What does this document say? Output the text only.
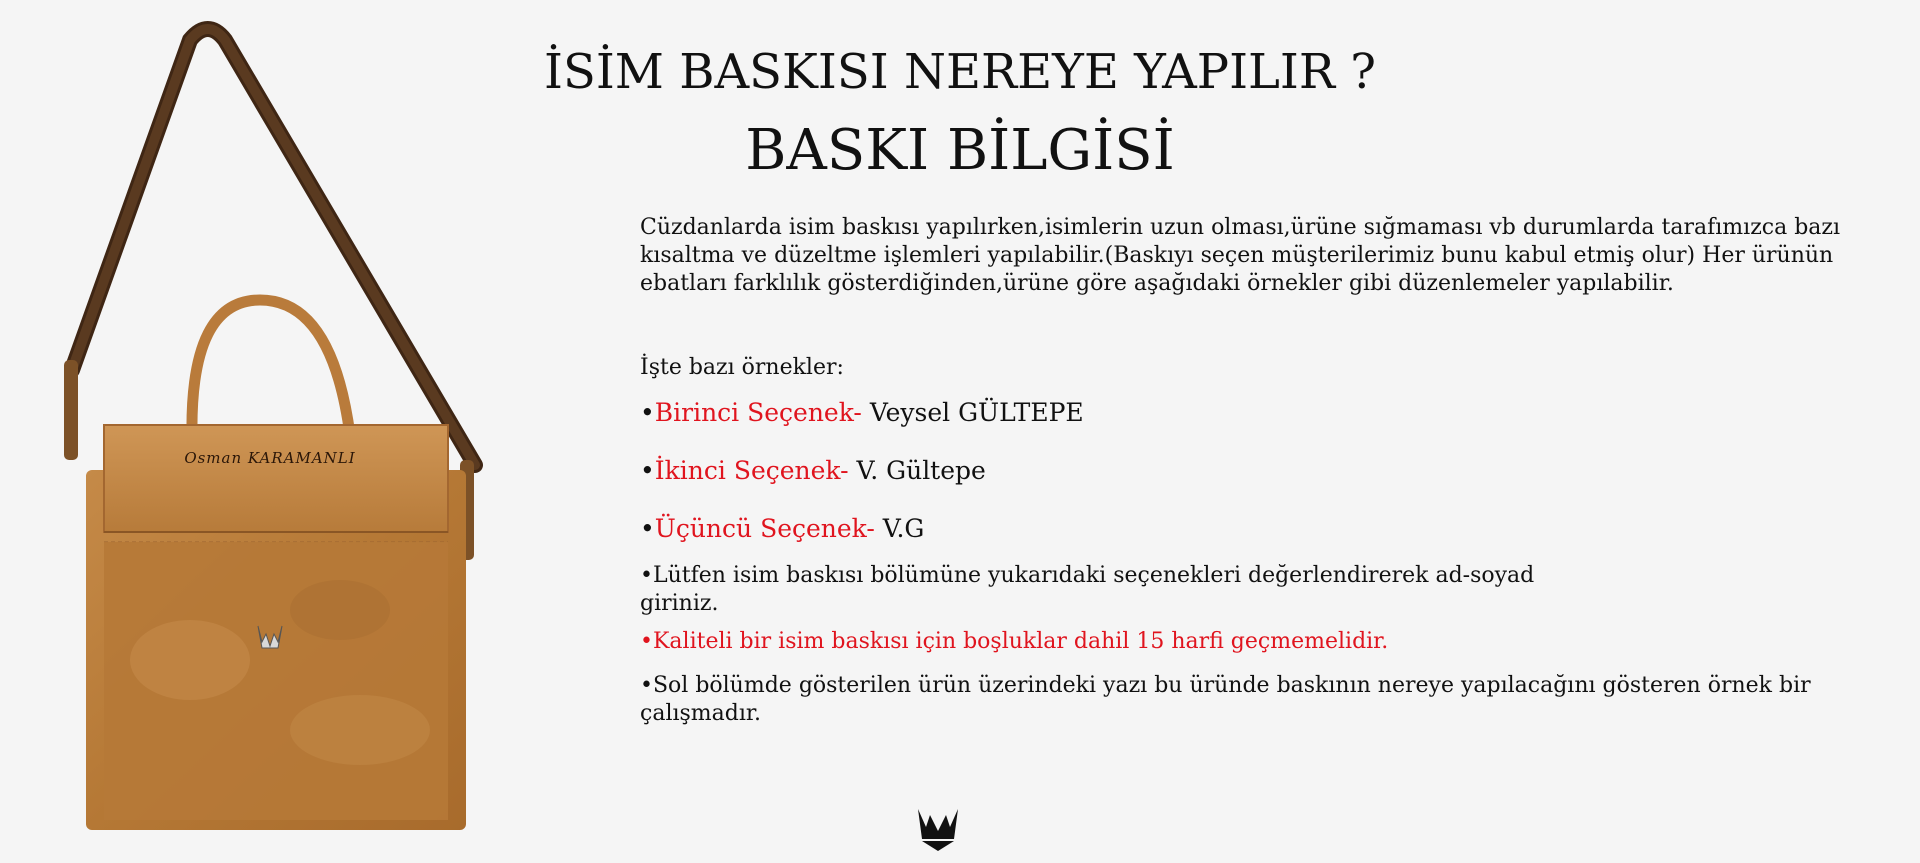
Osman KARAMANLI
İSİM BASKISI NEREYE YAPILIR ?
BASKI BİLGİSİ
Cüzdanlarda isim baskısı yapılırken,isimlerin uzun olması,ürüne sığmaması vb durumlarda tarafımızca bazı kısaltma ve düzeltme işlemleri yapılabilir.(Baskıyı seçen müşterilerimiz bunu kabul etmiş olur) Her ürünün ebatları farklılık gösterdiğinden,ürüne göre aşağıdaki örnekler gibi düzenlemeler yapılabilir.
İşte bazı örnekler:
•Birinci Seçenek- Veysel GÜLTEPE
•İkinci Seçenek- V. Gültepe
•Üçüncü Seçenek- V.G
•Lütfen isim baskısı bölümüne yukarıdaki seçenekleri değerlendirerek ad-soyad giriniz.
•Kaliteli bir isim baskısı için boşluklar dahil 15 harfi geçmemelidir.
•Sol bölümde gösterilen ürün üzerindeki yazı bu üründe baskının nereye yapılacağını gösteren örnek bir çalışmadır.
